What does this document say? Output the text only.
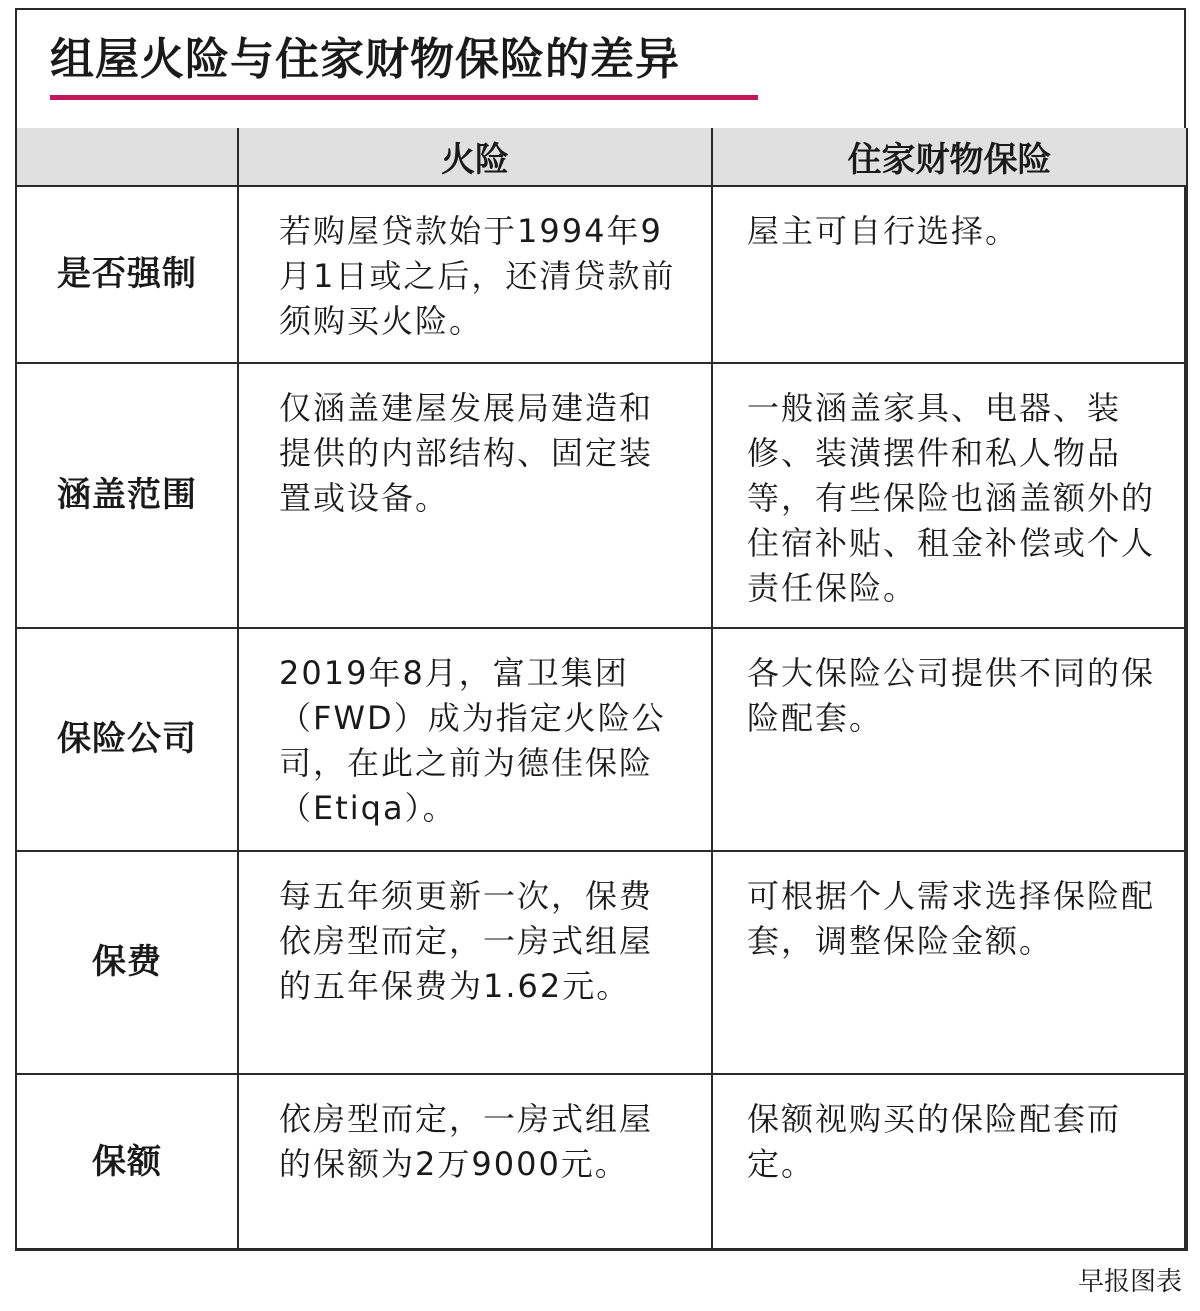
组屋火险与住家财物保险的差异
	火险	住家财物保险
是否强制	若购屋贷款始于1994年9月1日或之后，还清贷款前须购买火险。	屋主可自行选择。
涵盖范围	仅涵盖建屋发展局建造和提供的内部结构、固定装置或设备。	一般涵盖家具、电器、装修、装潢摆件和私人物品等，有些保险也涵盖额外的住宿补贴、租金补偿或个人责任保险。
保险公司	2019年8月，富卫集团（FWD）成为指定火险公司，在此之前为德佳保险（Etiqa）。	各大保险公司提供不同的保险配套。
保费	每五年须更新一次，保费依房型而定，一房式组屋的五年保费为1.62元。	可根据个人需求选择保险配套，调整保险金额。
保额	依房型而定，一房式组屋的保额为2万9000元。	保额视购买的保险配套而定。
早报图表
